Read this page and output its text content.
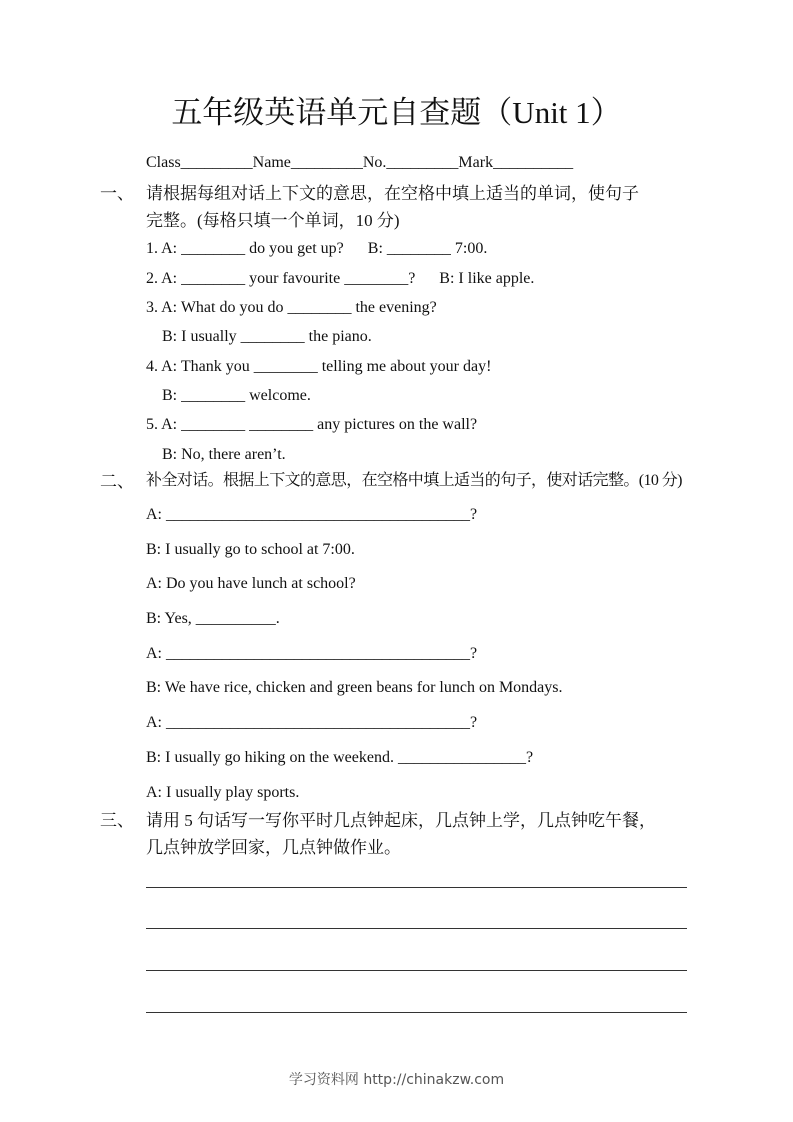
五年级英语单元自查题（Unit 1）
Class_________Name_________No._________Mark__________
一、 请根据每组对话上下文的意思，在空格中填上适当的单词，使句子
完整。(每格只填一个单词，10 分)
1. A: ________ do you get up?      B: ________ 7:00.
2. A: ________ your favourite ________?      B: I like apple.
3. A: What do you do ________ the evening?
B: I usually ________ the piano.
4. A: Thank you ________ telling me about your day!
B: ________ welcome.
5. A: ________ ________ any pictures on the wall?
B: No, there aren’t.
二、 补全对话。根据上下文的意思，在空格中填上适当的句子，使对话完整。(10 分)
A: ______________________________________?
B: I usually go to school at 7:00.
A: Do you have lunch at school?
B: Yes, __________.
A: ______________________________________?
B: We have rice, chicken and green beans for lunch on Mondays.
A: ______________________________________?
B: I usually go hiking on the weekend. ________________?
A: I usually play sports.
三、 请用 5 句话写一写你平时几点钟起床，几点钟上学，几点钟吃午餐，
几点钟放学回家，几点钟做作业。
学习资料网 http://chinakzw.com
